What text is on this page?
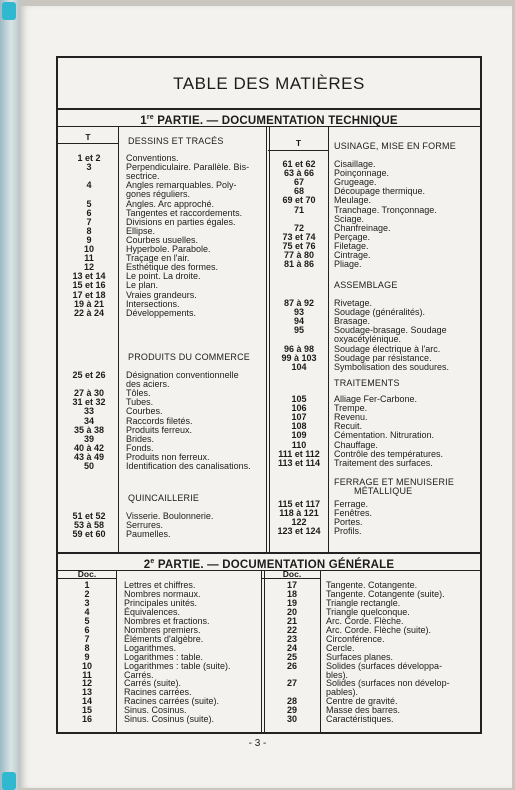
TABLE DES MATIÈRES
1re PARTIE. — DOCUMENTATION TECHNIQUE
T
T
DESSINS ET TRACÉS
1 et 2	Conventions.
3	Perpendiculaire. Parallèle. Bis-
sectrice.
4	Angles remarquables. Poly-
gones réguliers.
5	Angles. Arc approché.
6	Tangentes et raccordements.
7	Divisions en parties égales.
8	Ellipse.
9	Courbes usuelles.
10	Hyperbole. Parabole.
11	Traçage en l'air.
12	Esthétique des formes.
13 et 14	Le point. La droite.
15 et 16	Le plan.
17 et 18	Vraies grandeurs.
19 à 21	Intersections.
22 à 24	Développements.
PRODUITS DU COMMERCE
25 et 26	Désignation conventionnelle
des aciers.
27 à 30	Tôles.
31 et 32	Tubes.
33	Courbes.
34	Raccords filetés.
35 à 38	Produits ferreux.
39	Brides.
40 à 42	Fonds.
43 à 49	Produits non ferreux.
50	Identification des canalisations.
QUINCAILLERIE
51 et 52	Visserie. Boulonnerie.
53 à 58	Serrures.
59 et 60	Paumelles.
USINAGE, MISE EN FORME
61 et 62	Cisaillage.
63 à 66	Poinçonnage.
67	Grugeage.
68	Découpage thermique.
69 et 70	Meulage.
71	Tranchage. Tronçonnage.
Sciage.
72	Chanfreinage.
73 et 74	Perçage.
75 et 76	Filetage.
77 à 80	Cintrage.
81 à 86	Pliage.
ASSEMBLAGE
87 à 92	Rivetage.
93	Soudage (généralités).
94	Brasage.
95	Soudage-brasage. Soudage
oxyacétylénique.
96 à 98	Soudage électrique à l'arc.
99 à 103	Soudage par résistance.
104	Symbolisation des soudures.
TRAITEMENTS
105	Alliage Fer-Carbone.
106	Trempe.
107	Revenu.
108	Recuit.
109	Cémentation. Nitruration.
110	Chauffage.
111 et 112	Contrôle des températures.
113 et 114	Traitement des surfaces.
FERRAGE ET MENUISERIE
MÉTALLIQUE
115 et 117	Ferrage.
118 à 121	Fenêtres.
122	Portes.
123 et 124	Profils.
2e PARTIE. — DOCUMENTATION GÉNÉRALE
Doc.	Doc.
1	Lettres et chiffres.
2	Nombres normaux.
3	Principales unités.
4	Équivalences.
5	Nombres et fractions.
6	Nombres premiers.
7	Éléments d'algèbre.
8	Logarithmes.
9	Logarithmes : table.
10	Logarithmes : table (suite).
11	Carrés.
12	Carrés (suite).
13	Racines carrées.
14	Racines carrées (suite).
15	Sinus. Cosinus.
16	Sinus. Cosinus (suite).
17	Tangente. Cotangente.
18	Tangente. Cotangente (suite).
19	Triangle rectangle.
20	Triangle quelconque.
21	Arc. Corde. Flèche.
22	Arc. Corde. Flèche (suite).
23	Circonférence.
24	Cercle.
25	Surfaces planes.
26	Solides (surfaces développa-
bles).
27	Solides (surfaces non dévelop-
pables).
28	Centre de gravité.
29	Masse des barres.
30	Caractéristiques.
- 3 -
